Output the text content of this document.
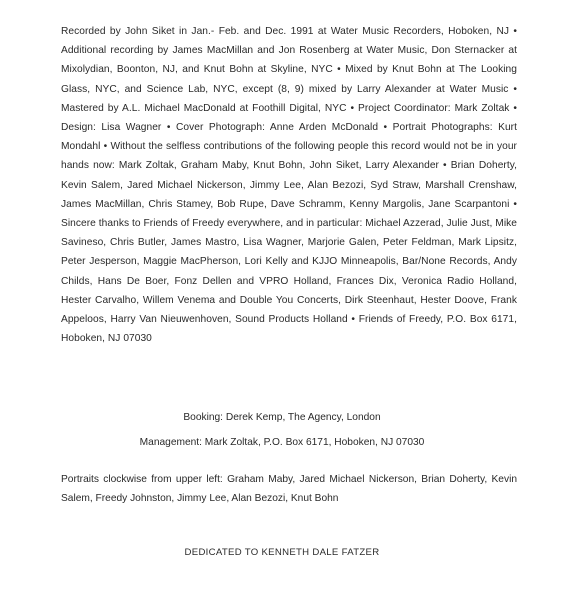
Recorded by John Siket in Jan.- Feb. and Dec. 1991 at Water Music Recorders, Hoboken, NJ • Additional recording by James MacMillan and Jon Rosenberg at Water Music, Don Sternacker at Mixolydian, Boonton, NJ, and Knut Bohn at Skyline, NYC • Mixed by Knut Bohn at The Looking Glass, NYC, and Science Lab, NYC, except (8, 9) mixed by Larry Alexander at Water Music • Mastered by A.L. Michael MacDonald at Foothill Digital, NYC • Project Coordinator: Mark Zoltak • Design: Lisa Wagner • Cover Photograph: Anne Arden McDonald • Portrait Photographs: Kurt Mondahl • Without the selfless contributions of the following people this record would not be in your hands now: Mark Zoltak, Graham Maby, Knut Bohn, John Siket, Larry Alexander • Brian Doherty, Kevin Salem, Jared Michael Nickerson, Jimmy Lee, Alan Bezozi, Syd Straw, Marshall Crenshaw, James MacMillan, Chris Stamey, Bob Rupe, Dave Schramm, Kenny Margolis, Jane Scarpantoni • Sincere thanks to Friends of Freedy everywhere, and in particular: Michael Azzerad, Julie Just, Mike Savineso, Chris Butler, James Mastro, Lisa Wagner, Marjorie Galen, Peter Feldman, Mark Lipsitz, Peter Jesperson, Maggie MacPherson, Lori Kelly and KJJO Minneapolis, Bar/None Records, Andy Childs, Hans De Boer, Fonz Dellen and VPRO Holland, Frances Dix, Veronica Radio Holland, Hester Carvalho, Willem Venema and Double You Concerts, Dirk Steenhaut, Hester Doove, Frank Appeloos, Harry Van Nieuwenhoven, Sound Products Holland • Friends of Freedy, P.O. Box 6171, Hoboken, NJ 07030

Booking: Derek Kemp, The Agency, London

Management: Mark Zoltak, P.O. Box 6171, Hoboken, NJ 07030

Portraits clockwise from upper left: Graham Maby, Jared Michael Nickerson, Brian Doherty, Kevin Salem, Freedy Johnston, Jimmy Lee, Alan Bezozi, Knut Bohn

DEDICATED TO KENNETH DALE FATZER
